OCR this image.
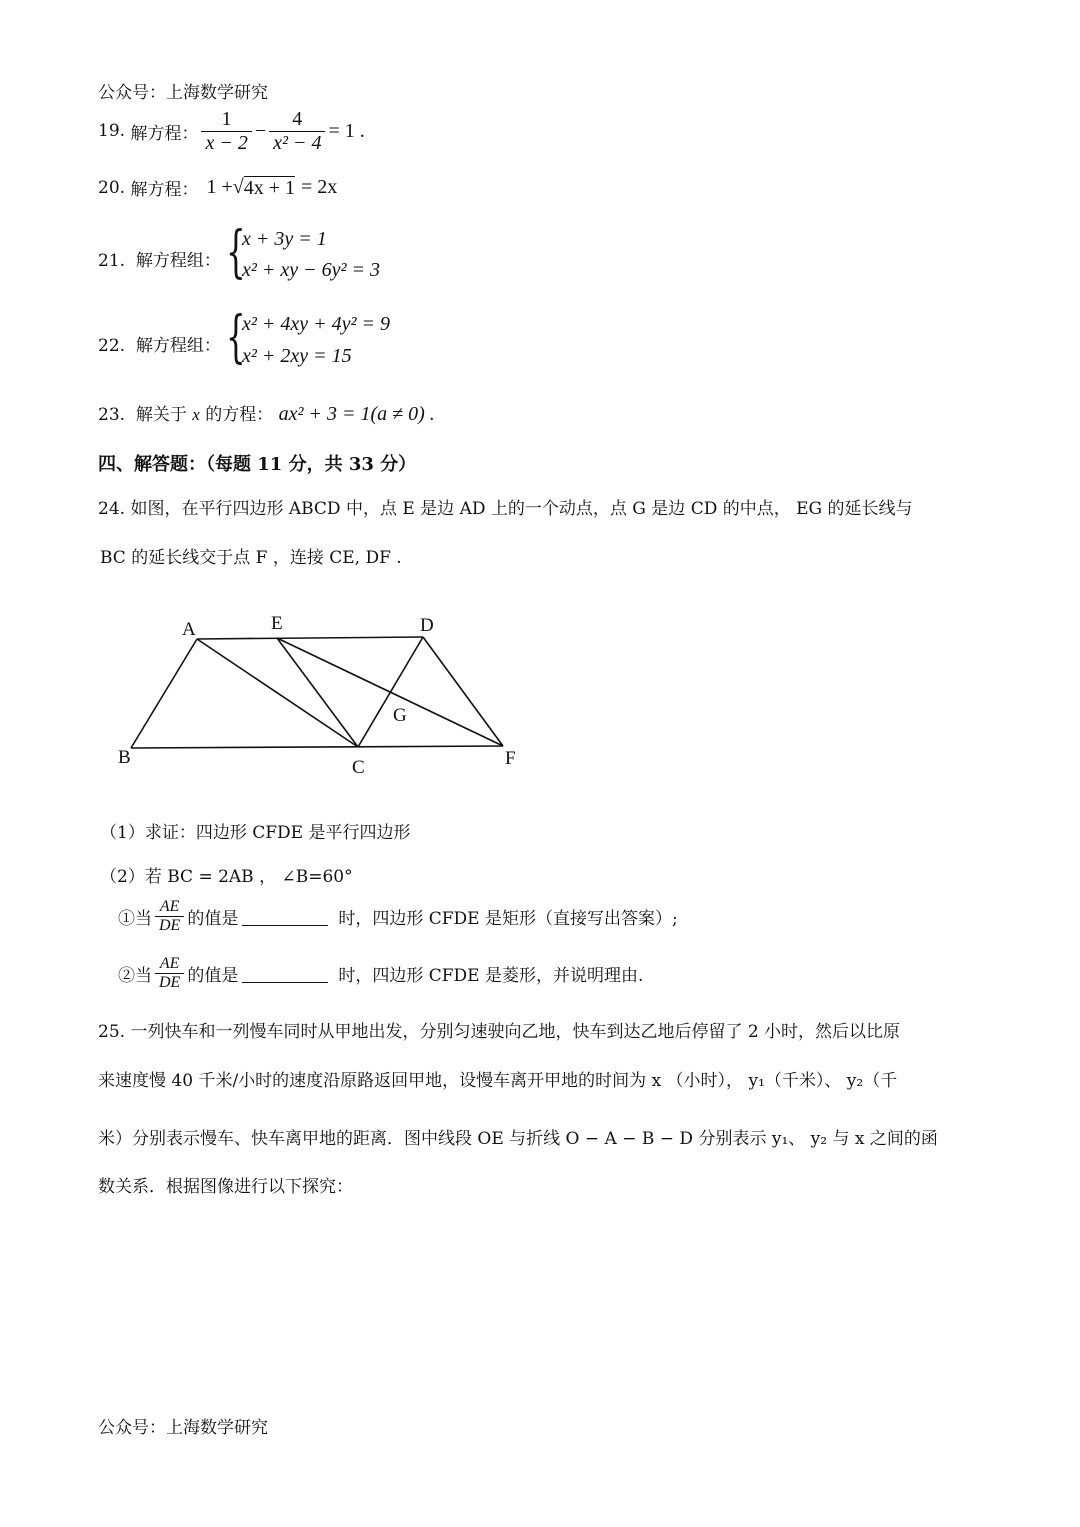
公众号：上海数学研究
19.
解方程： $\frac{1}{x - 2} - \frac{4}{\text{x² − 4}} = 1$ .
20.
解方程： 1 + √ 4x + 1 = 2x
21. 解方程组： {
x + 3y = 1
x² + xy − 6y² = 3
22. 解方程组： {
x² + 4xy + 4y² = 9
x² + 2xy = 15
23. 解关于 x 的方程： ax² + 3 = 1(a ≠ 0) .
四、解答题：（每题 11 分，共 33 分）
24. 如图，在平行四边形 ABCD 中，点 E 是边 AD 上的一个动点，点 G 是边 CD 的中点， EG 的延长线与
BC 的延长线交于点 F ，连接 CE, DF .
A	E	D
G
B	C	F
（1）求证：四边形 CFDE 是平行四边形
（2）若 BC = 2AB ， ∠B=60°
①当 $\frac{AE}{DE}$ 的值是	时，四边形 CFDE 是矩形（直接写出答案）;
②当 $\frac{AE}{DE}$ 的值是	时，四边形 CFDE 是菱形，并说明理由.
25. 一列快车和一列慢车同时从甲地出发，分别匀速驶向乙地，快车到达乙地后停留了 2 小时，然后以比原
来速度慢 40 千米/小时的速度沿原路返回甲地，设慢车离开甲地的时间为 x （小时）， y₁（千米）、 y₂（千
米）分别表示慢车、快车离甲地的距离．图中线段 OE 与折线 O − A − B − D 分别表示 y₁、 y₂ 与 x 之间的函
数关系．根据图像进行以下探究：
公众号：上海数学研究
